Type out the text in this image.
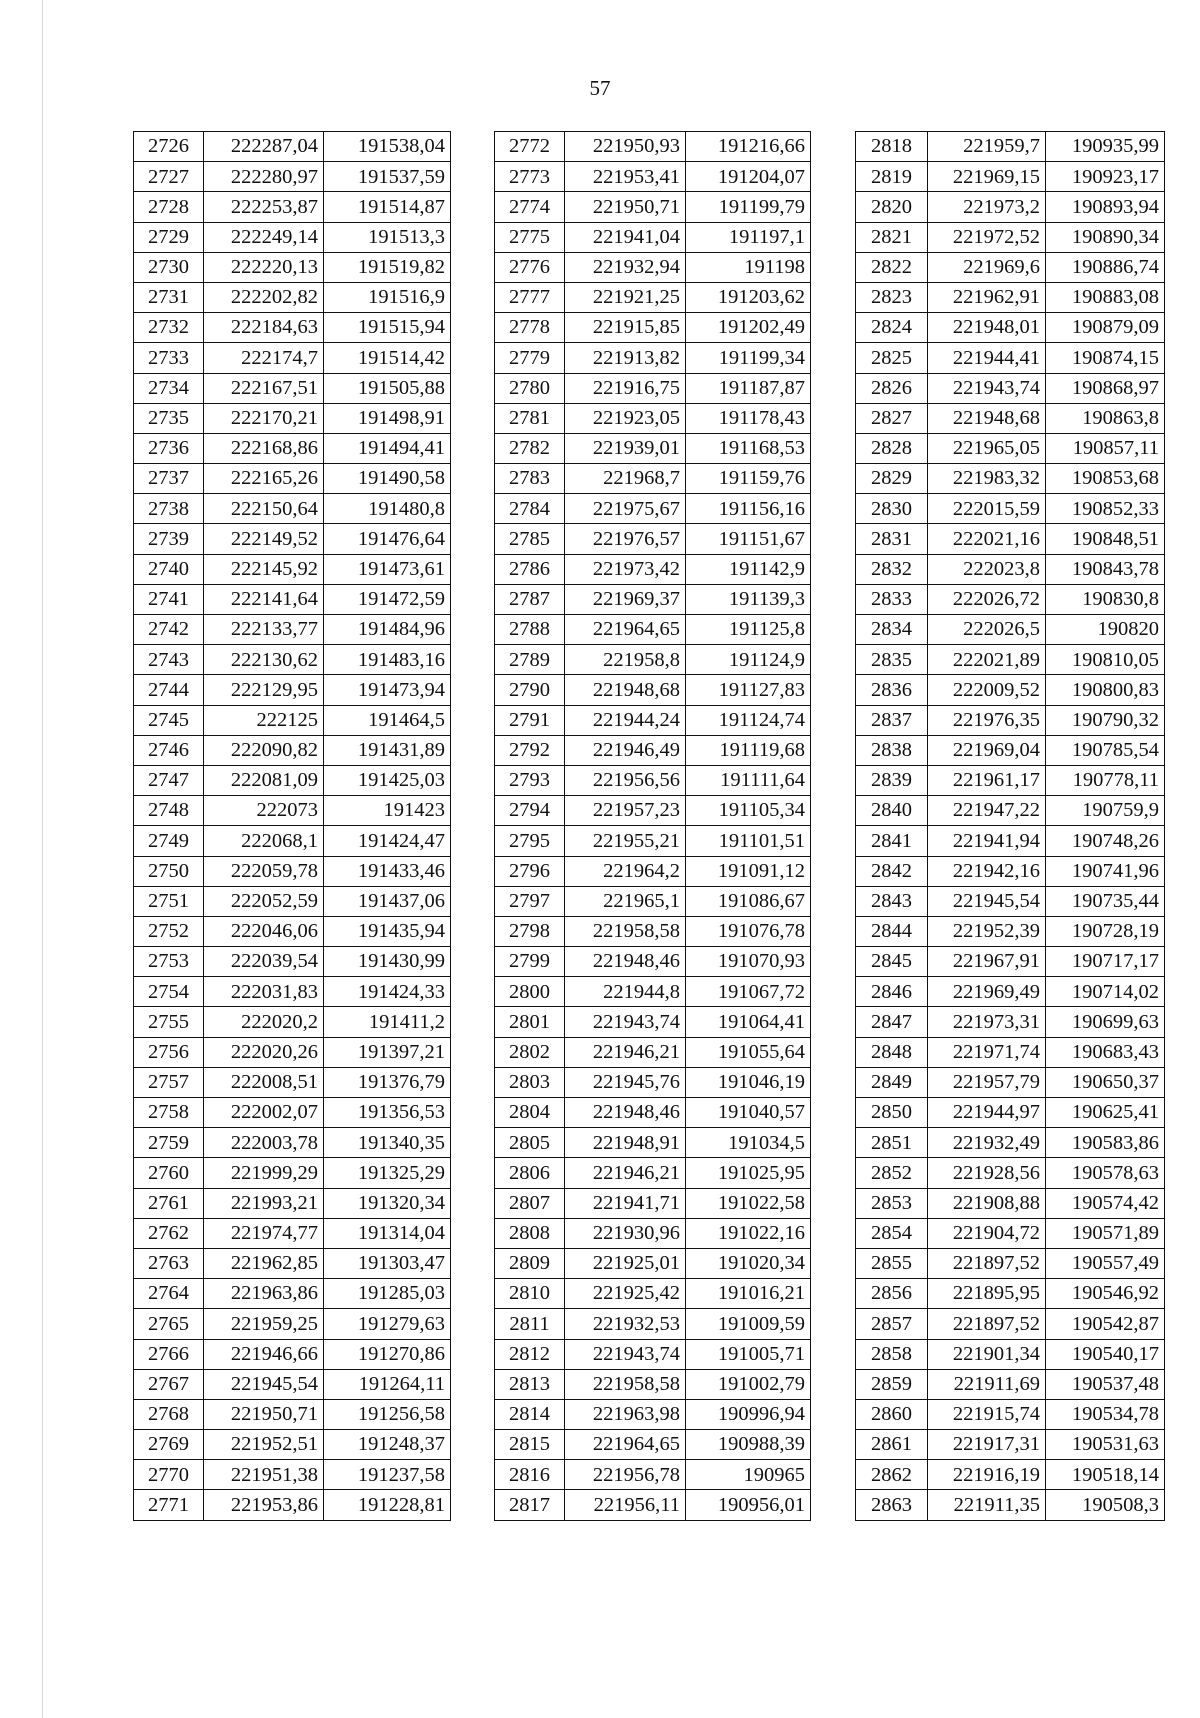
57
2726	222287,04	191538,04
2727	222280,97	191537,59
2728	222253,87	191514,87
2729	222249,14	191513,3
2730	222220,13	191519,82
2731	222202,82	191516,9
2732	222184,63	191515,94
2733	222174,7	191514,42
2734	222167,51	191505,88
2735	222170,21	191498,91
2736	222168,86	191494,41
2737	222165,26	191490,58
2738	222150,64	191480,8
2739	222149,52	191476,64
2740	222145,92	191473,61
2741	222141,64	191472,59
2742	222133,77	191484,96
2743	222130,62	191483,16
2744	222129,95	191473,94
2745	222125	191464,5
2746	222090,82	191431,89
2747	222081,09	191425,03
2748	222073	191423
2749	222068,1	191424,47
2750	222059,78	191433,46
2751	222052,59	191437,06
2752	222046,06	191435,94
2753	222039,54	191430,99
2754	222031,83	191424,33
2755	222020,2	191411,2
2756	222020,26	191397,21
2757	222008,51	191376,79
2758	222002,07	191356,53
2759	222003,78	191340,35
2760	221999,29	191325,29
2761	221993,21	191320,34
2762	221974,77	191314,04
2763	221962,85	191303,47
2764	221963,86	191285,03
2765	221959,25	191279,63
2766	221946,66	191270,86
2767	221945,54	191264,11
2768	221950,71	191256,58
2769	221952,51	191248,37
2770	221951,38	191237,58
2771	221953,86	191228,81
2772	221950,93	191216,66
2773	221953,41	191204,07
2774	221950,71	191199,79
2775	221941,04	191197,1
2776	221932,94	191198
2777	221921,25	191203,62
2778	221915,85	191202,49
2779	221913,82	191199,34
2780	221916,75	191187,87
2781	221923,05	191178,43
2782	221939,01	191168,53
2783	221968,7	191159,76
2784	221975,67	191156,16
2785	221976,57	191151,67
2786	221973,42	191142,9
2787	221969,37	191139,3
2788	221964,65	191125,8
2789	221958,8	191124,9
2790	221948,68	191127,83
2791	221944,24	191124,74
2792	221946,49	191119,68
2793	221956,56	191111,64
2794	221957,23	191105,34
2795	221955,21	191101,51
2796	221964,2	191091,12
2797	221965,1	191086,67
2798	221958,58	191076,78
2799	221948,46	191070,93
2800	221944,8	191067,72
2801	221943,74	191064,41
2802	221946,21	191055,64
2803	221945,76	191046,19
2804	221948,46	191040,57
2805	221948,91	191034,5
2806	221946,21	191025,95
2807	221941,71	191022,58
2808	221930,96	191022,16
2809	221925,01	191020,34
2810	221925,42	191016,21
2811	221932,53	191009,59
2812	221943,74	191005,71
2813	221958,58	191002,79
2814	221963,98	190996,94
2815	221964,65	190988,39
2816	221956,78	190965
2817	221956,11	190956,01
2818	221959,7	190935,99
2819	221969,15	190923,17
2820	221973,2	190893,94
2821	221972,52	190890,34
2822	221969,6	190886,74
2823	221962,91	190883,08
2824	221948,01	190879,09
2825	221944,41	190874,15
2826	221943,74	190868,97
2827	221948,68	190863,8
2828	221965,05	190857,11
2829	221983,32	190853,68
2830	222015,59	190852,33
2831	222021,16	190848,51
2832	222023,8	190843,78
2833	222026,72	190830,8
2834	222026,5	190820
2835	222021,89	190810,05
2836	222009,52	190800,83
2837	221976,35	190790,32
2838	221969,04	190785,54
2839	221961,17	190778,11
2840	221947,22	190759,9
2841	221941,94	190748,26
2842	221942,16	190741,96
2843	221945,54	190735,44
2844	221952,39	190728,19
2845	221967,91	190717,17
2846	221969,49	190714,02
2847	221973,31	190699,63
2848	221971,74	190683,43
2849	221957,79	190650,37
2850	221944,97	190625,41
2851	221932,49	190583,86
2852	221928,56	190578,63
2853	221908,88	190574,42
2854	221904,72	190571,89
2855	221897,52	190557,49
2856	221895,95	190546,92
2857	221897,52	190542,87
2858	221901,34	190540,17
2859	221911,69	190537,48
2860	221915,74	190534,78
2861	221917,31	190531,63
2862	221916,19	190518,14
2863	221911,35	190508,3
